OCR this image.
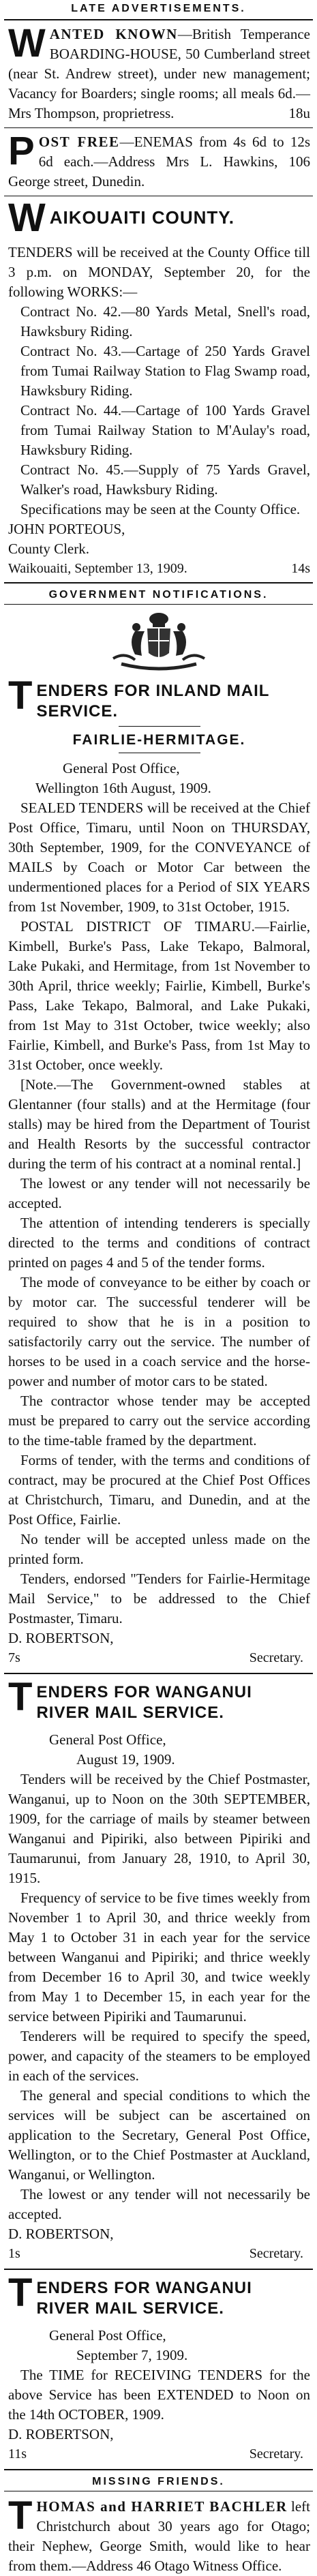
LATE ADVERTISEMENTS.
W ANTED KNOWN—British Temperance BOARDING-HOUSE, 50 Cumberland street (near St. Andrew street), under new management; Vacancy for Boarders; single rooms; all meals 6d.—Mrs Thompson, proprietress.	18u

P OST FREE—ENEMAS from 4s 6d to 12s 6d each.—Address Mrs L. Hawkins, 106 George street, Dunedin.

W AIKOUAITI COUNTY.

TENDERS will be received at the County Office till 3 p.m. on MONDAY, September 20, for the following WORKS:—

Contract No. 42.—80 Yards Metal, Snell's road, Hawksbury Riding.

Contract No. 43.—Cartage of 250 Yards Gravel from Tumai Railway Station to Flag Swamp road, Hawksbury Riding.

Contract No. 44.—Cartage of 100 Yards Gravel from Tumai Railway Station to M'Aulay's road, Hawksbury Riding.

Contract No. 45.—Supply of 75 Yards Gravel, Walker's road, Hawksbury Riding.

Specifications may be seen at the County Office.

JOHN PORTEOUS,

County Clerk.

Waikouaiti, September 13, 1909.	14s
GOVERNMENT NOTIFICATIONS.
T ENDERS FOR INLAND MAIL SERVICE.
FAIRLIE-HERMITAGE.

General Post Office,

Wellington 16th August, 1909.

SEALED TENDERS will be received at the Chief Post Office, Timaru, until Noon on THURSDAY, 30th September, 1909, for the CONVEYANCE of MAILS by Coach or Motor Car between the undermentioned places for a Period of SIX YEARS from 1st November, 1909, to 31st October, 1915.

POSTAL DISTRICT OF TIMARU.—Fairlie, Kimbell, Burke's Pass, Lake Tekapo, Balmoral, Lake Pukaki, and Hermitage, from 1st November to 30th April, thrice weekly; Fairlie, Kimbell, Burke's Pass, Lake Tekapo, Balmoral, and Lake Pukaki, from 1st May to 31st October, twice weekly; also Fairlie, Kimbell, and Burke's Pass, from 1st May to 31st October, once weekly.

[Note.—The Government-owned stables at Glentanner (four stalls) and at the Hermitage (four stalls) may be hired from the Department of Tourist and Health Resorts by the successful contractor during the term of his contract at a nominal rental.]

The lowest or any tender will not necessarily be accepted.

The attention of intending tenderers is specially directed to the terms and conditions of contract printed on pages 4 and 5 of the tender forms.

The mode of conveyance to be either by coach or by motor car. The successful tenderer will be required to show that he is in a position to satisfactorily carry out the service. The number of horses to be used in a coach service and the horse-power and number of motor cars to be stated.

The contractor whose tender may be accepted must be prepared to carry out the service according to the time-table framed by the department.

Forms of tender, with the terms and conditions of contract, may be procured at the Chief Post Offices at Christchurch, Timaru, and Dunedin, and at the Post Office, Fairlie.

No tender will be accepted unless made on the printed form.

Tenders, endorsed "Tenders for Fairlie-Hermitage Mail Service," to be addressed to the Chief Postmaster, Timaru.

D. ROBERTSON,

7s	Secretary.
T ENDERS FOR WANGANUI RIVER MAIL SERVICE.

General Post Office,

August 19, 1909.

Tenders will be received by the Chief Postmaster, Wanganui, up to Noon on the 30th SEPTEMBER, 1909, for the carriage of mails by steamer between Wanganui and Pipiriki, also between Pipiriki and Taumarunui, from January 28, 1910, to April 30, 1915.

Frequency of service to be five times weekly from November 1 to April 30, and thrice weekly from May 1 to October 31 in each year for the service between Wanganui and Pipiriki; and thrice weekly from December 16 to April 30, and twice weekly from May 1 to December 15, in each year for the service between Pipiriki and Taumarunui.

Tenderers will be required to specify the speed, power, and capacity of the steamers to be employed in each of the services.

The general and special conditions to which the services will be subject can be ascertained on application to the Secretary, General Post Office, Wellington, or to the Chief Postmaster at Auckland, Wanganui, or Wellington.

The lowest or any tender will not necessarily be accepted.

D. ROBERTSON,

1s	Secretary.
T ENDERS FOR WANGANUI RIVER MAIL SERVICE.

General Post Office,

September 7, 1909.

The TIME for RECEIVING TENDERS for the above Service has been EXTENDED to Noon on the 14th OCTOBER, 1909.

D. ROBERTSON,

11s	Secretary.
MISSING FRIENDS.
T HOMAS and HARRIET BACHLER left Christchurch about 30 years ago for Otago; their Nephew, George Smith, would like to hear from them.—Address 46 Otago Witness Office.
